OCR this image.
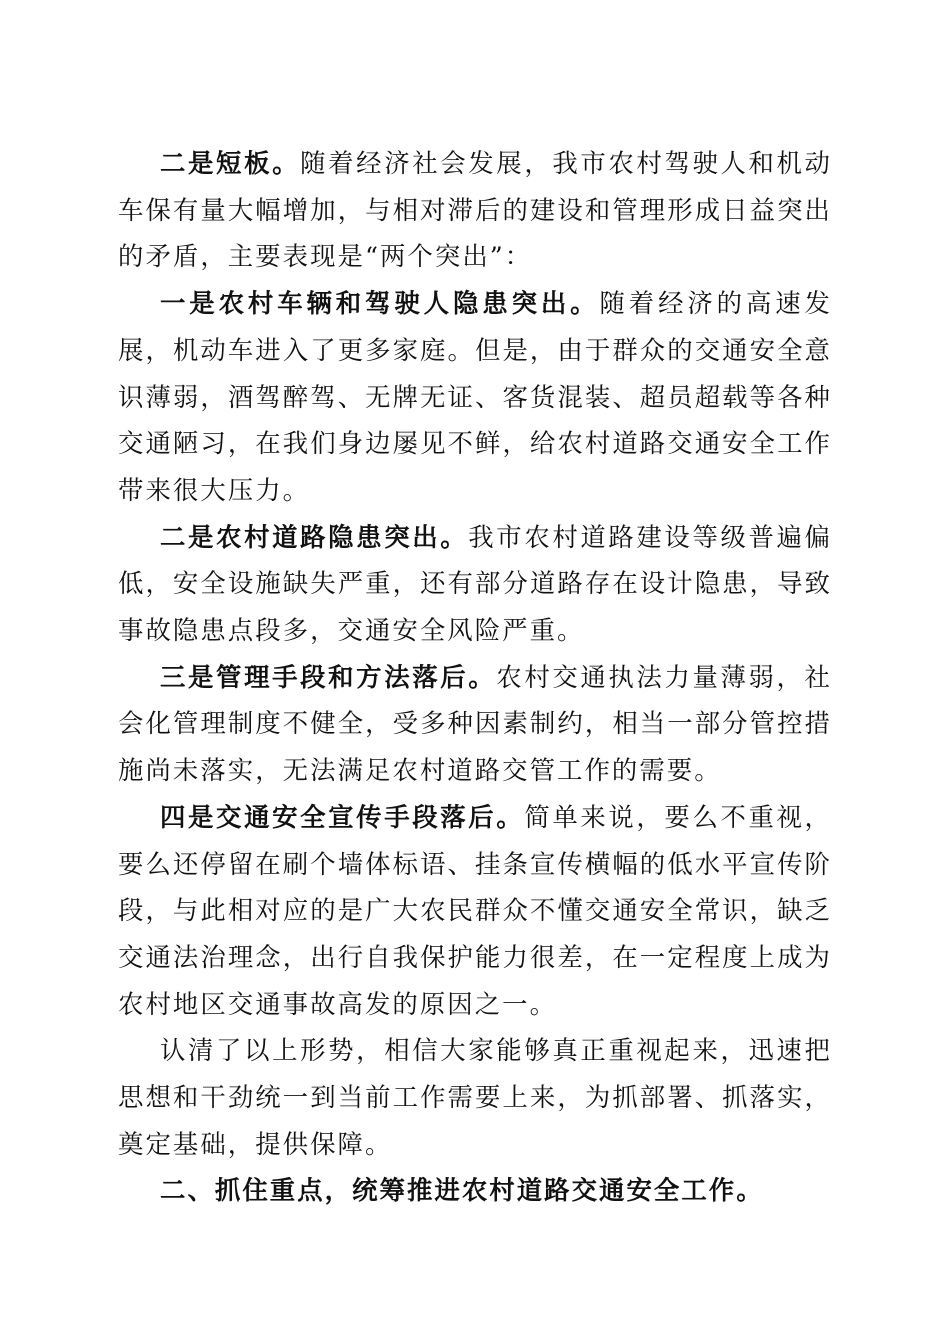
二是短板。随着经济社会发展，我市农村驾驶人和机动车保有量大幅增加，与相对滞后的建设和管理形成日益突出的矛盾，主要表现是“两个突出”：

一是农村车辆和驾驶人隐患突出。随着经济的高速发展，机动车进入了更多家庭。但是，由于群众的交通安全意识薄弱，酒驾醉驾、无牌无证、客货混装、超员超载等各种交通陋习，在我们身边屡见不鲜，给农村道路交通安全工作带来很大压力。

二是农村道路隐患突出。我市农村道路建设等级普遍偏低，安全设施缺失严重，还有部分道路存在设计隐患，导致事故隐患点段多，交通安全风险严重。

三是管理手段和方法落后。农村交通执法力量薄弱，社会化管理制度不健全，受多种因素制约，相当一部分管控措施尚未落实，无法满足农村道路交管工作的需要。

四是交通安全宣传手段落后。简单来说，要么不重视，要么还停留在刷个墙体标语、挂条宣传横幅的低水平宣传阶段，与此相对应的是广大农民群众不懂交通安全常识，缺乏交通法治理念，出行自我保护能力很差，在一定程度上成为农村地区交通事故高发的原因之一。

认清了以上形势，相信大家能够真正重视起来，迅速把思想和干劲统一到当前工作需要上来，为抓部署、抓落实，奠定基础，提供保障。

二、抓住重点，统筹推进农村道路交通安全工作。
